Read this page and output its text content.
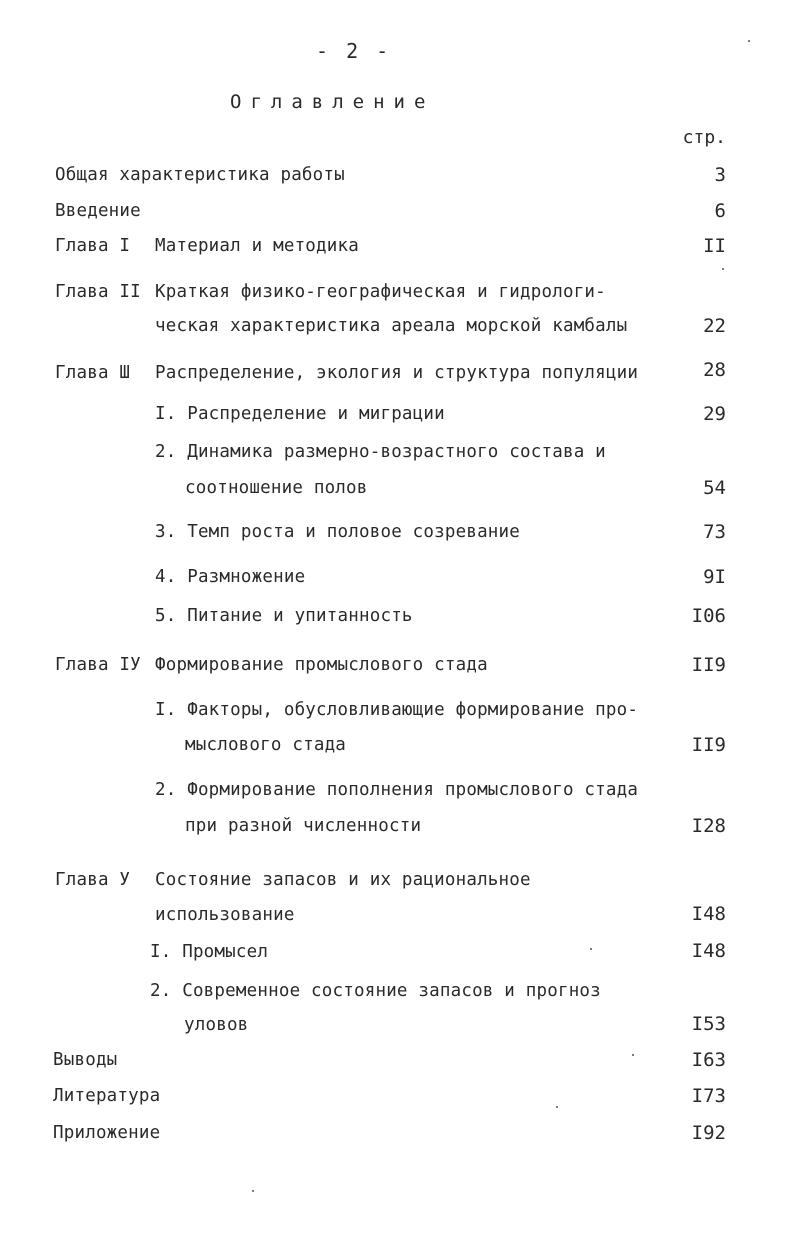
- 2 -
Оглавление
стр.
Общая характеристика работы	3
Введение	6
Глава I Материал и методика	II
Глава II Краткая физико-географическая и гидрологи-
ческая характеристика ареала морской камбалы	22
Глава Ш Распределение, экология и структура популяции	28
I. Распределение и миграции	29
2. Динамика размерно-возрастного состава и
соотношение полов	54
3. Темп роста и половое созревание	73
4. Размножение	9I
5. Питание и упитанность	I06
Глава IУ Формирование промыслового стада	II9
I. Факторы, обусловливающие формирование про-
мыслового стада	II9
2. Формирование пополнения промыслового стада
при разной численности	I28
Глава У Состояние запасов и их рациональное
использование	I48
I. Промысел	I48
2. Современное состояние запасов и прогноз
уловов	I53
Выводы	I63
Литература	I73
Приложение	I92
